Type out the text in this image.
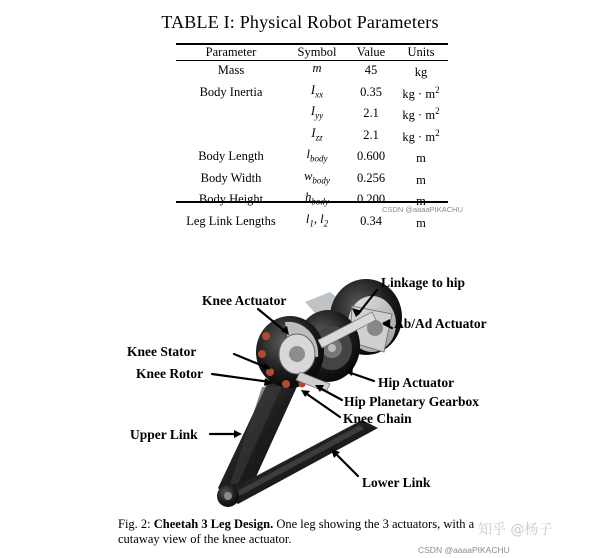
TABLE I: Physical Robot Parameters
Parameter	Symbol	Value	Units
Mass	m	45	kg
Body Inertia	$I_{xx}$	0.35	kg · $m^2$
	$I_{yy}$	2.1	kg · $m^2$
	$I_{zz}$	2.1	kg · $m^2$
Body Length	$l_{body}$	0.600	m
Body Width	$w_{body}$	0.256	m
Body Height	$h_{body}$	0.200	m
Leg Link Lengths	$l_1$, $l_2$	0.34	m
CSDN @aaaaPIKACHU
Linkage to hip
Knee Actuator
Ab/Ad Actuator
Knee Stator
Knee Rotor
Hip Actuator
Hip Planetary Gearbox
Knee Chain
Upper Link
Lower Link
Fig. 2: Cheetah 3 Leg Design. One leg showing the 3 actuators, with a cutaway view of the knee actuator.
知乎 @杨子
CSDN @aaaaPIKACHU
